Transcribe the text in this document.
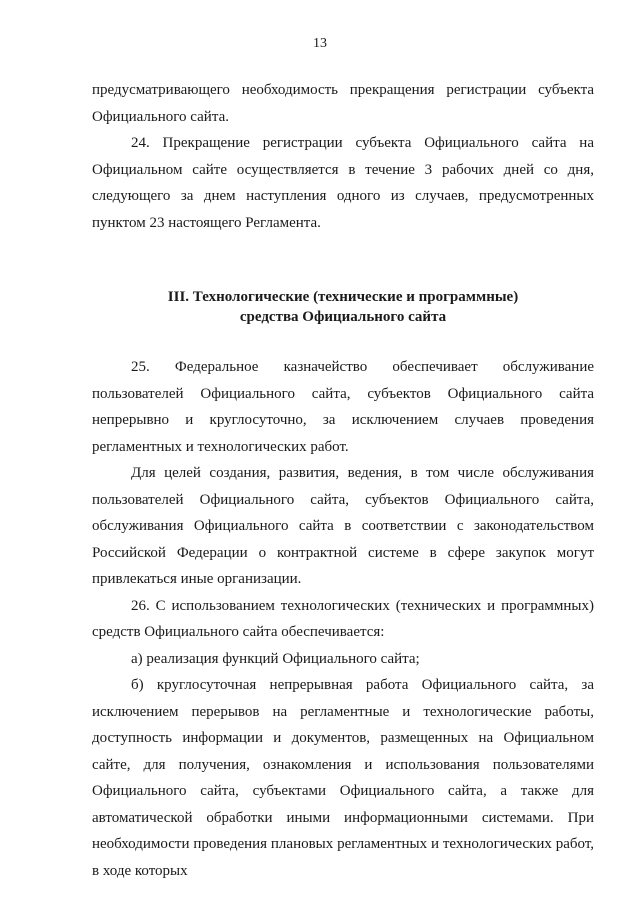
13

предусматривающего необходимость прекращения регистрации субъекта Официального сайта.

24. Прекращение регистрации субъекта Официального сайта на Официальном сайте осуществляется в течение 3 рабочих дней со дня, следующего за днем наступления одного из случаев, предусмотренных пунктом 23 настоящего Регламента.

III. Технологические (технические и программные)
средства Официального сайта

25. Федеральное казначейство обеспечивает обслуживание пользователей Официального сайта, субъектов Официального сайта непрерывно и круглосуточно, за исключением случаев проведения регламентных и технологических работ.

Для целей создания, развития, ведения, в том числе обслуживания пользователей Официального сайта, субъектов Официального сайта, обслуживания Официального сайта в соответствии с законодательством Российской Федерации о контрактной системе в сфере закупок могут привлекаться иные организации.

26. С использованием технологических (технических и программных) средств Официального сайта обеспечивается:

а) реализация функций Официального сайта;

б) круглосуточная непрерывная работа Официального сайта, за исключением перерывов на регламентные и технологические работы, доступность информации и документов, размещенных на Официальном сайте, для получения, ознакомления и использования пользователями Официального сайта, субъектами Официального сайта, а также для автоматической обработки иными информационными системами. При необходимости проведения плановых регламентных и технологических работ, в ходе которых
